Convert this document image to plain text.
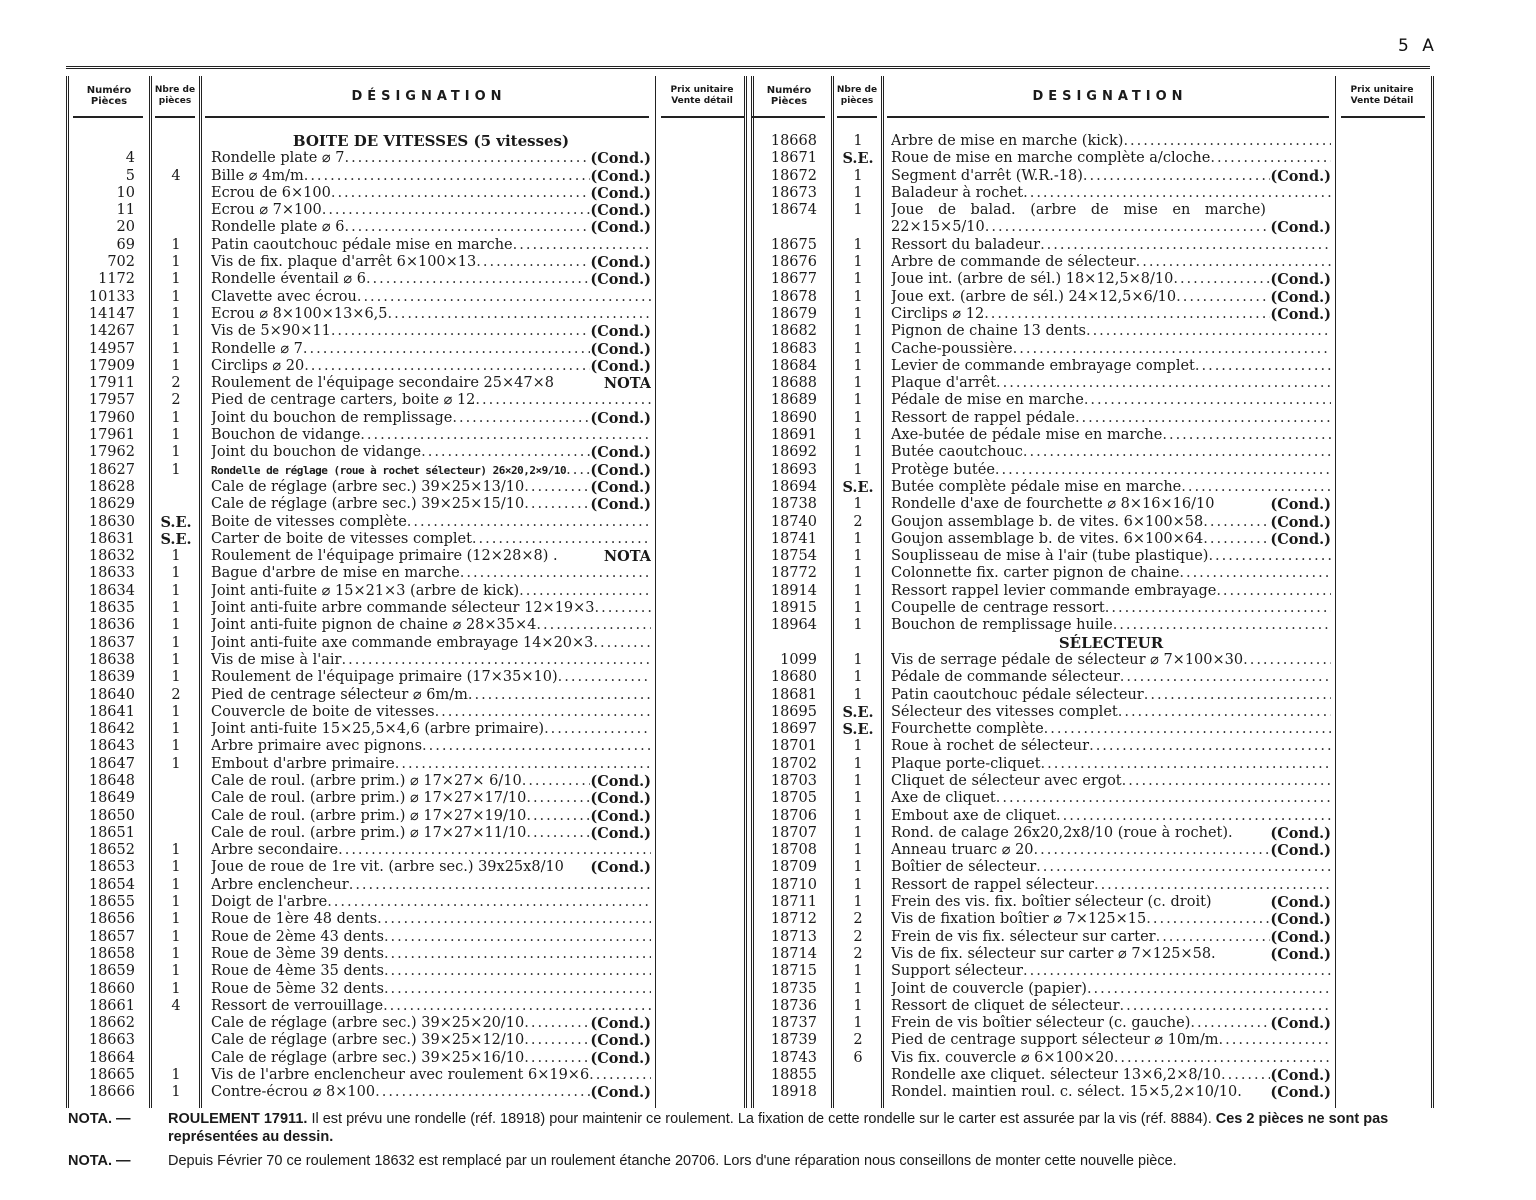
5 A
Numéro
Pièces
Nbre de
pièces	DÉSIGNATION	Prix unitaire
Vente détail
BOITE DE VITESSES (5 vitesses)
4	Rondelle plate ⌀ 7 .....	(Cond.)
5	4	Bille ⌀ 4m/m .....	(Cond.)
10	Ecrou de 6×100 .....	(Cond.)
11	Ecrou ⌀ 7×100 .....	(Cond.)
20	Rondelle plate ⌀ 6 .....	(Cond.)
69	1	Patin caoutchouc pédale mise en marche
.....
702	1	Vis de fix. plaque d'arrêt 6×100×13 .....	(Cond.)
1172	1	Rondelle éventail ⌀ 6 .....	(Cond.)
10133	1	Clavette avec écrou
.....
14147	1	Ecrou ⌀ 8×100×13×6,5
.....
14267	1	Vis de 5×90×11 .....	(Cond.)
14957	1	Rondelle ⌀ 7 .....	(Cond.)
17909	1	Circlips ⌀ 20 .....	(Cond.)
17911	2	Roulement de l'équipage secondaire 25×47×8	NOTA
17957	2	Pied de centrage carters, boite ⌀ 12
.....
17960	1	Joint du bouchon de remplissage .....	(Cond.)
17961	1	Bouchon de vidange
.....
17962	1	Joint du bouchon de vidange .....	(Cond.)
18627	1	Rondelle de réglage (roue à rochet sélecteur) 26×20,2×9/10 ..... (Cond.)
18628	Cale de réglage (arbre sec.) 39×25×13/10 .....	(Cond.)
18629	Cale de réglage (arbre sec.) 39×25×15/10 .....	(Cond.)
18630	S.E.	Boite de vitesses complète
.....
18631	S.E.	Carter de boite de vitesses complet
.....
18632	1	Roulement de l'équipage primaire (12×28×8) .	NOTA
18633	1	Bague d'arbre de mise en marche
.....
18634	1	Joint anti-fuite ⌀ 15×21×3 (arbre de kick)
.....
18635	1	Joint anti-fuite arbre commande sélecteur 12×19×3
.....
18636	1	Joint anti-fuite pignon de chaine ⌀ 28×35×4
.....
18637	1	Joint anti-fuite axe commande embrayage 14×20×3
.....
18638	1	Vis de mise à l'air
.....
18639	1	Roulement de l'équipage primaire (17×35×10)
.....
18640	2	Pied de centrage sélecteur ⌀ 6m/m
.....
18641	1	Couvercle de boite de vitesses
.....
18642	1	Joint anti-fuite 15×25,5×4,6 (arbre primaire)
.....
18643	1	Arbre primaire avec pignons
.....
18647	1	Embout d'arbre primaire
.....
18648	Cale de roul. (arbre prim.) ⌀ 17×27× 6/10 .....	(Cond.)
18649	Cale de roul. (arbre prim.) ⌀ 17×27×17/10 .....	(Cond.)
18650	Cale de roul. (arbre prim.) ⌀ 17×27×19/10 .....	(Cond.)
18651	Cale de roul. (arbre prim.) ⌀ 17×27×11/10 .....	(Cond.)
18652	1	Arbre secondaire
.....
18653	1	Joue de roue de 1re vit. (arbre sec.) 39x25x8/10 (Cond.)
18654	1	Arbre enclencheur
.....
18655	1	Doigt de l'arbre
.....
18656	1	Roue de 1ère 48 dents
.....
18657	1	Roue de 2ème 43 dents
.....
18658	1	Roue de 3ème 39 dents
.....
18659	1	Roue de 4ème 35 dents
.....
18660	1	Roue de 5ème 32 dents
.....
18661	4	Ressort de verrouillage
.....
18662	Cale de réglage (arbre sec.) 39×25×20/10 .....	(Cond.)
18663	Cale de réglage (arbre sec.) 39×25×12/10 .....	(Cond.)
18664	Cale de réglage (arbre sec.) 39×25×16/10 .....	(Cond.)
18665	1	Vis de l'arbre enclencheur avec roulement 6×19×6
.....
18666	1	Contre-écrou ⌀ 8×100 .....	(Cond.)
Numéro
Pièces
Nbre de
pièces	DESIGNATION	Prix unitaire
Vente Détail
18668	1	Arbre de mise en marche (kick)
.....
18671	S.E.	Roue de mise en marche complète a/cloche
.....
18672	1	Segment d'arrêt (W.R.-18) .....	(Cond.)
18673	1	Baladeur à rochet
.....
18674	1	Joue de balad. (arbre de mise en marche)
22×15×5/10 .....	(Cond.)
18675	1	Ressort du baladeur
.....
18676	1	Arbre de commande de sélecteur
.....
18677	1	Joue int. (arbre de sél.) 18×12,5×8/10 .....	(Cond.)
18678	1	Joue ext. (arbre de sél.) 24×12,5×6/10 .....	(Cond.)
18679	1	Circlips ⌀ 12 .....	(Cond.)
18682	1	Pignon de chaine 13 dents
.....
18683	1	Cache-poussière
.....
18684	1	Levier de commande embrayage complet
.....
18688	1	Plaque d'arrêt
.....
18689	1	Pédale de mise en marche
.....
18690	1	Ressort de rappel pédale
.....
18691	1	Axe-butée de pédale mise en marche
.....
18692	1	Butée caoutchouc
.....
18693	1	Protège butée
.....
18694	S.E.	Butée complète pédale mise en marche
.....
18738	1	Rondelle d'axe de fourchette ⌀ 8×16×16/10	(Cond.)
18740	2	Goujon assemblage b. de vites. 6×100×58 .....	(Cond.)
18741	1	Goujon assemblage b. de vites. 6×100×64 .....	(Cond.)
18754	1	Souplisseau de mise à l'air (tube plastique)
.....
18772	1	Colonnette fix. carter pignon de chaine
.....
18914	1	Ressort rappel levier commande embrayage
.....
18915	1	Coupelle de centrage ressort
.....
18964	1	Bouchon de remplissage huile
.....
SÉLECTEUR
1099	1	Vis de serrage pédale de sélecteur ⌀ 7×100×30
.....
18680	1	Pédale de commande sélecteur
.....
18681	1	Patin caoutchouc pédale sélecteur
.....
18695	S.E.	Sélecteur des vitesses complet
.....
18697	S.E.	Fourchette complète
.....
18701	1	Roue à rochet de sélecteur
.....
18702	1	Plaque porte-cliquet
.....
18703	1	Cliquet de sélecteur avec ergot
.....
18705	1	Axe de cliquet
.....
18706	1	Embout axe de cliquet
.....
18707	1	Rond. de calage 26x20,2x8/10 (roue à rochet).	(Cond.)
18708	1	Anneau truarc ⌀ 20 .....	(Cond.)
18709	1	Boîtier de sélecteur
.....
18710	1	Ressort de rappel sélecteur
.....
18711	1	Frein des vis. fix. boîtier sélecteur (c. droit)	(Cond.)
18712	2	Vis de fixation boîtier ⌀ 7×125×15 .....	(Cond.)
18713	2	Frein de vis fix. sélecteur sur carter .....	(Cond.)
18714	2	Vis de fix. sélecteur sur carter ⌀ 7×125×58.	(Cond.)
18715	1	Support sélecteur
.....
18735	1	Joint de couvercle (papier)
.....
18736	1	Ressort de cliquet de sélecteur
.....
18737	1	Frein de vis boîtier sélecteur (c. gauche) .....	(Cond.)
18739	2	Pied de centrage support sélecteur ⌀ 10m/m
.....
18743	6	Vis fix. couvercle ⌀ 6×100×20
.....
18855	Rondelle axe cliquet. sélecteur 13×6,2×8/10 .....	(Cond.)
18918	Rondel. maintien roul. c. sélect. 15×5,2×10/10. (Cond.)
NOTA. —	ROULEMENT 17911. Il est prévu une rondelle (réf. 18918) pour maintenir ce roulement. La fixation de cette rondelle sur le carter est assurée par la vis (réf. 8884). Ces 2 pièces ne sont pas représentées au dessin.
NOTA. —	Depuis Février 70 ce roulement 18632 est remplacé par un roulement étanche 20706. Lors d'une réparation nous conseillons de monter cette nouvelle pièce.
